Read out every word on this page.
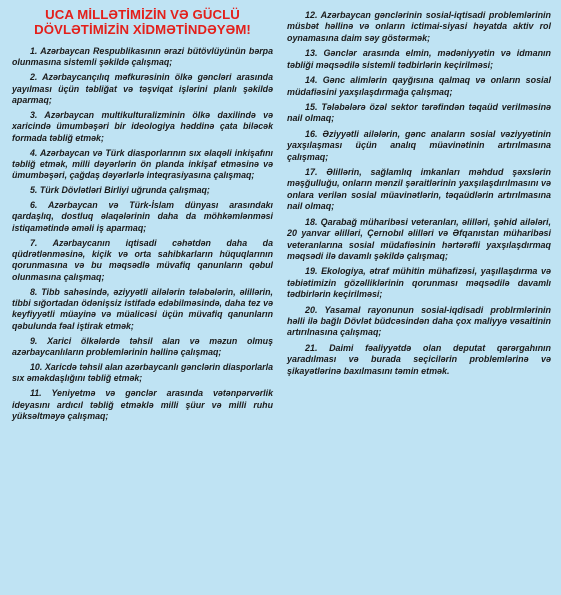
UCA MİLLƏTİMİZİN VƏ GÜCLÜ
DÖVLƏTİMİZİN XİDMƏTİNDƏYƏM!

1. Azərbaycan Respublikasının ərazi bütövlüyünün bərpa olunmasına sistemli şəkildə çalışmaq;

2. Azərbaycançılıq məfkurəsinin ölkə gəncləri arasında yayılması üçün təbliğat və təşviqat işlərini planlı şəkildə aparmaq;

3. Azərbaycan multikulturalizminin ölkə daxilində və xaricində ümumbəşəri bir ideologiya həddinə çata biləcək formada təbliğ etmək;

4. Azərbaycan və Türk diasporlarının sıx əlaqəli inkişafını təbliğ etmək, milli dəyərlərin ön planda inkişaf etməsinə və ümumbəşəri, çağdaş dəyərlərlə inteqrasiyasına çalışmaq;

5. Türk Dövlətləri Birliyi uğrunda çalışmaq;

6. Azərbaycan və Türk-İslam dünyası arasındakı qardaşlıq, dostluq əlaqələrinin daha da möhkəmlənməsi istiqamətində əməli iş aparmaq;

7. Azərbaycanın iqtisadi cəhətdən daha da qüdrətlənməsinə, kiçik və orta sahibkarların hüquqlarının qorunmasına və bu məqsədlə müvafiq qanunların qəbul olunmasına çalışmaq;

8. Tibb sahəsində, əziyyətli ailələrin tələbələrin, əlillərin, tibbi sığortadan ödənişsiz istifadə edəbilməsində, daha tez və keyfiyyətli müayinə və müalicəsi üçün müvafiq qanunların qəbulunda fəal iştirak etmək;

9. Xarici ölkələrdə təhsil alan və məzun olmuş azərbaycanlıların problemlərinin həllinə çalışmaq;

10. Xaricdə təhsil alan azərbaycanlı gənclərin diasporlarla sıx əməkdaşlığını təbliğ etmək;

11. Yeniyetmə və gənclər arasında vətənpərvərlik ideyasını ardıcıl təbliğ etməklə milli şüur və milli ruhu yüksəltməyə çalışmaq;

12. Azərbaycan gənclərinin sosial-iqtisadi problemlərinin müsbət həllinə və onların ictimai-siyasi həyatda aktiv rol oynamasına daim səy göstərmək;

13. Gənclər arasında elmin, mədəniyyətin və idmanın təbliği məqsədilə sistemli tədbirlərin keçirilməsi;

14. Gənc alimlərin qayğısına qalmaq və onların sosial müdafiəsini yaxşılaşdırmağa çalışmaq;

15. Tələbələrə özəl sektor tərəfindən təqaüd verilməsinə nail olmaq;

16. Əziyyətli ailələrin, gənc anaların sosial vəziyyətinin yaxşılaşması üçün analıq müavinətinin artırılmasına çalışmaq;

17. Əlillərin, sağlamlıq imkanları məhdud şəxslərin məşğulluğu, onların mənzil şəraitlərinin yaxşılaşdırılmasını və onlara verilən sosial müavinətlərin, təqaüdlərin artırılmasına nail olmaq;

18. Qarabağ müharibəsi veteranları, əlilləri, şəhid ailələri, 20 yanvar əlilləri, Çernobıl əlilləri və Əfqanıstan müharibəsi veteranlarına sosial müdafiəsinin hərtərəfli yaxşılaşdırmaq məqsədi ilə davamlı şəkildə çalışmaq;

19. Ekologiya, ətraf mühitin mühafizəsi, yaşıllaşdırma və təbiətimizin gözəlliklərinin qorunması məqsədilə davamlı tədbirlərin keçirilməsi;

20. Yasamal rayonunun sosial-iqdisadi problrmlərinin həlli ilə bağlı Dövlət büdcəsindən daha çox maliyyə vəsaitinin artırılnasına çalışmaq;

21. Daimi fəaliyyətdə olan deputat qərərgahının yaradılması və burada seçicilərin problemlərinə və şikayətlərinə baxılmasını təmin etmək.
